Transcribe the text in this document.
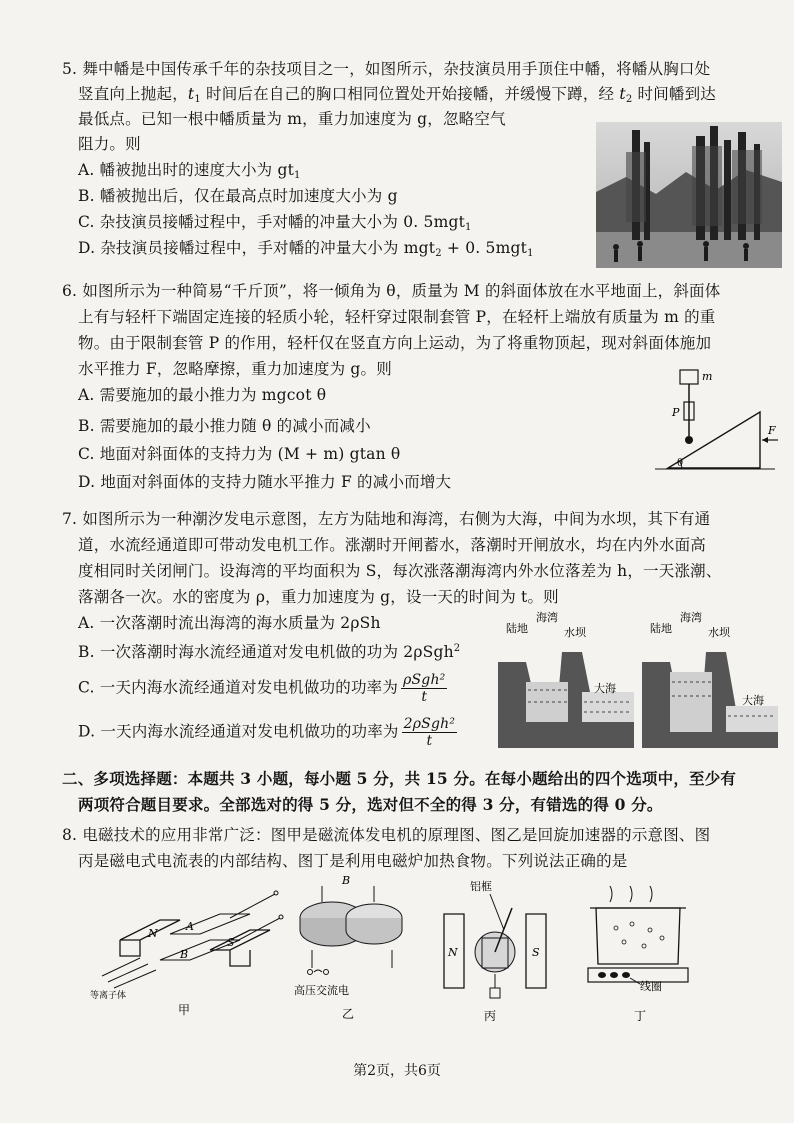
5. 舞中幡是中国传承千年的杂技项目之一，如图所示，杂技演员用手顶住中幡，将幡从胸口处
竖直向上抛起，$t_1$ 时间后在自己的胸口相同位置处开始接幡，并缓慢下蹲，经 $t_2$ 时间幡到达
最低点。已知一根中幡质量为 m，重力加速度为 g，忽略空气
阻力。则
A. 幡被抛出时的速度大小为 $gt_1$
B. 幡被抛出后，仅在最高点时加速度大小为 g
C. 杂技演员接幡过程中，手对幡的冲量大小为 0. 5mgt$_1$
D. 杂技演员接幡过程中，手对幡的冲量大小为 mgt$_2$ + 0. 5mgt$_1$
6. 如图所示为一种简易“千斤顶”，将一倾角为 θ，质量为 M 的斜面体放在水平地面上，斜面体
上有与轻杆下端固定连接的轻质小轮，轻杆穿过限制套管 P，在轻杆上端放有质量为 m 的重
物。由于限制套管 P 的作用，轻杆仅在竖直方向上运动，为了将重物顶起，现对斜面体施加
水平推力 F，忽略摩擦，重力加速度为 g。则
A. 需要施加的最小推力为 mgcot θ
B. 需要施加的最小推力随 θ 的减小而减小
C. 地面对斜面体的支持力为 (M + m) gtan θ
D. 地面对斜面体的支持力随水平推力 F 的减小而增大
m
P
F
θ
7. 如图所示为一种潮汐发电示意图，左方为陆地和海湾，右侧为大海，中间为水坝，其下有通
道，水流经通道即可带动发电机工作。涨潮时开闸蓄水，落潮时开闸放水，均在内外水面高
度相同时关闭闸门。设海湾的平均面积为 S，每次涨落潮海湾内外水位落差为 h，一天涨潮、
落潮各一次。水的密度为 ρ，重力加速度为 g，设一天的时间为 t。则
A. 一次落潮时流出海湾的海水质量为 2ρSh
B. 一次落潮时海水流经通道对发电机做的功为 2ρSgh$^2$
C. 一天内海水流经通道对发电机做功的功率为 $\frac{\text{ρSgh²}}{t}$
D. 一天内海水流经通道对发电机做功的功率为 $\frac{\text{2ρSgh²}}{t}$
陆地
海湾
水坝
大海
陆地
海湾
水坝
大海
二、多项选择题：本题共 3 小题，每小题 5 分，共 15 分。在每小题给出的四个选项中，至少有
两项符合题目要求。全部选对的得 5 分，选对但不全的得 3 分，有错选的得 0 分。
8. 电磁技术的应用非常广泛：图甲是磁流体发电机的原理图、图乙是回旋加速器的示意图、图
丙是磁电式电流表的内部结构、图丁是利用电磁炉加热食物。下列说法正确的是
N
S
A
B
等离子体
甲
B
高压交流电
乙
铝框
N	S
丙
线圈
丁
第2页，共6页
